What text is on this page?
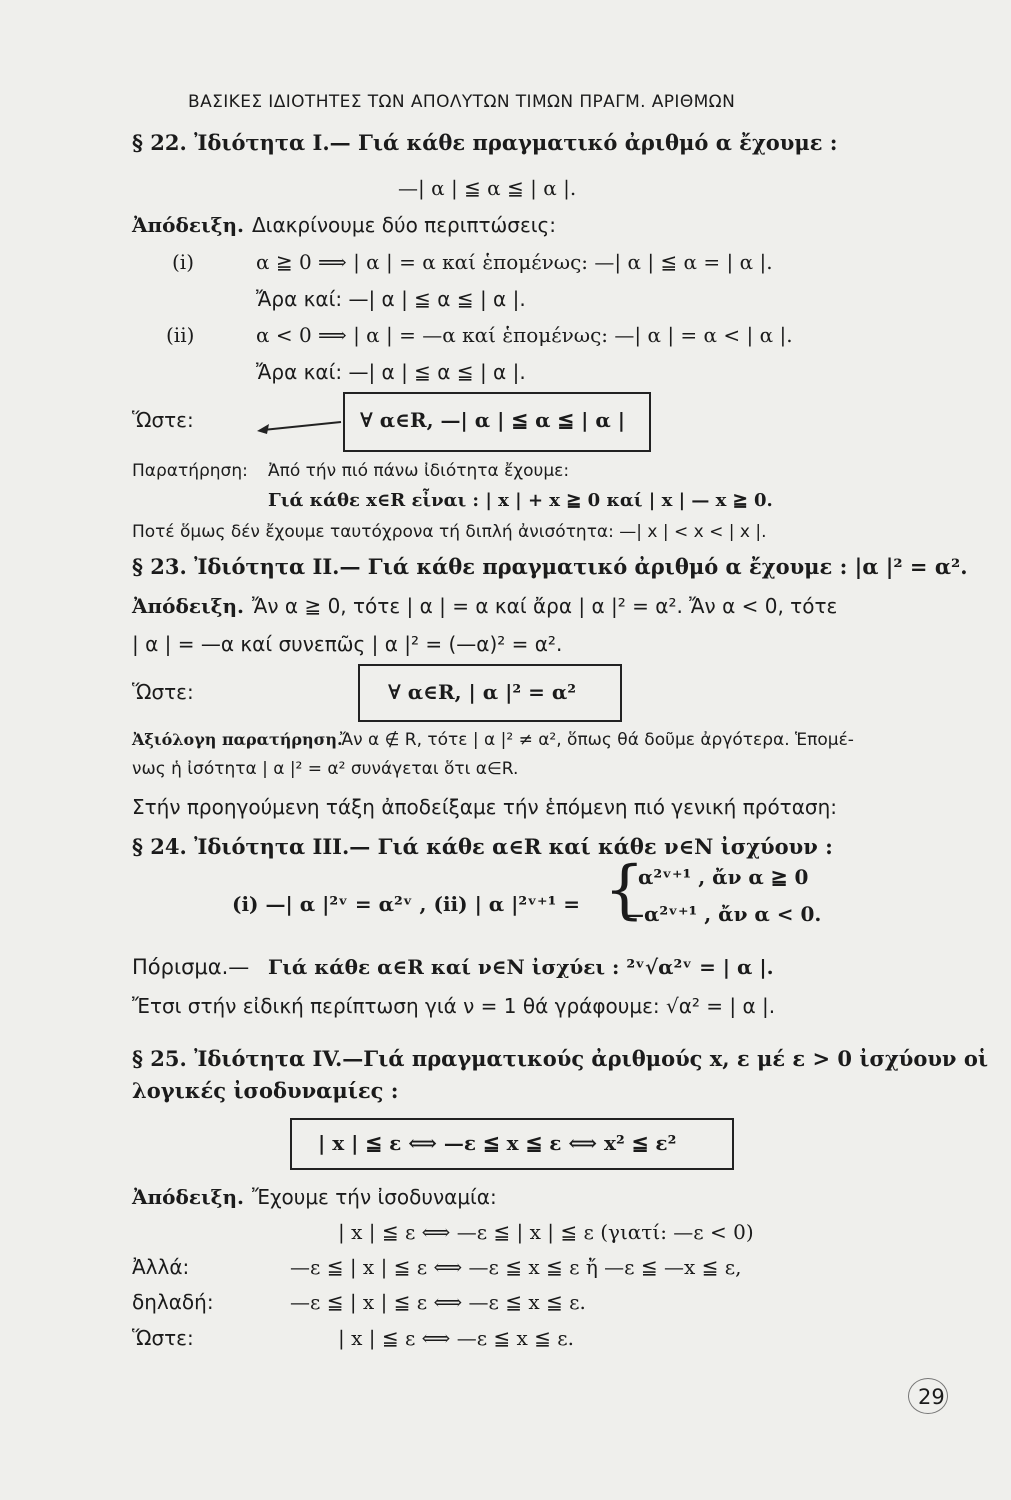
ΒΑΣΙΚΕΣ ΙΔΙΟΤΗΤΕΣ ΤΩΝ ΑΠΟΛΥΤΩΝ ΤΙΜΩΝ ΠΡΑΓΜ. ΑΡΙΘΜΩΝ
§ 22. Ἰδιότητα Ι.— Γιά κάθε πραγματικό ἀριθμό α ἔχουμε :
—| α | ≦ α ≦ | α |.
Ἀπόδειξη. Διακρίνουμε δύο περιπτώσεις:
(i)	α ≧ 0 ⟹ | α | = α καί ἑπομένως: —| α | ≦ α = | α |.
Ἄρα καί: —| α | ≦ α ≦ | α |.
(ii)	α < 0 ⟹ | α | = —α καί ἑπομένως: —| α | = α < | α |.
Ἄρα καί: —| α | ≦ α ≦ | α |.
Ὥστε:	∀ α∈R, —| α | ≦ α ≦ | α |
Παρατήρηση: Ἀπό τήν πιό πάνω ἰδιότητα ἔχουμε:
Γιά κάθε x∈R εἶναι : | x | + x ≧ 0 καί | x | — x ≧ 0.
Ποτέ ὅμως δέν ἔχουμε ταυτόχρονα τή διπλή ἀνισότητα: —| x | < x < | x |.
§ 23. Ἰδιότητα ΙΙ.— Γιά κάθε πραγματικό ἀριθμό α ἔχουμε : |α |² = α².
Ἀπόδειξη. Ἄν α ≧ 0, τότε | α | = α καί ἄρα | α |² = α². Ἄν α < 0, τότε
| α | = —α καί συνεπῶς | α |² = (—α)² = α².
Ὥστε:	∀ α∈R, | α |² = α²
Ἀξιόλογη παρατήρηση.
Ἄν α ∉ R, τότε | α |² ≠ α², ὅπως θά δοῦμε ἀργότερα. Ἑπομέ-
νως ἡ ἰσότητα | α |² = α² συνάγεται ὅτι α∈R.
Στήν προηγούμενη τάξη ἀποδείξαμε τήν ἑπόμενη πιό γενική πρόταση:
§ 24. Ἰδιότητα ΙΙΙ.— Γιά κάθε α∈R καί κάθε ν∈N ἰσχύουν :
(i) —| α |²ᵛ = α²ᵛ , (ii) | α |²ᵛ⁺¹ = {
α²ᵛ⁺¹ , ἄν α ≧ 0
—α²ᵛ⁺¹ , ἄν α < 0.
Πόρισμα.— Γιά κάθε α∈R καί ν∈N ἰσχύει : ²ᵛ√α²ᵛ = | α |.
Ἔτσι στήν εἰδική περίπτωση γιά ν = 1 θά γράφουμε: √α² = | α |.
§ 25. Ἰδιότητα IV.—Γιά πραγματικούς ἀριθμούς x, ε μέ ε > 0 ἰσχύουν οἱ
λογικές ἰσοδυναμίες :
| x | ≦ ε ⟺ —ε ≦ x ≦ ε ⟺ x² ≦ ε²
Ἀπόδειξη. Ἔχουμε τήν ἰσοδυναμία:
| x | ≦ ε ⟺ —ε ≦ | x | ≦ ε (γιατί: —ε < 0)
Ἀλλά:	—ε ≦ | x | ≦ ε ⟺ —ε ≦ x ≦ ε ἤ —ε ≦ —x ≦ ε,
δηλαδή:	—ε ≦ | x | ≦ ε ⟺ —ε ≦ x ≦ ε.
Ὥστε:	| x | ≦ ε ⟺ —ε ≦ x ≦ ε.
29
